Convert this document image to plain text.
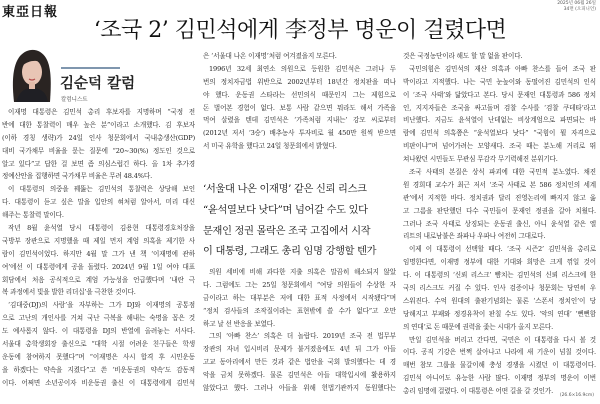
東亞日報
2025년 06월 26일
34면 (오피니언)
‘조국 2’ 김민석에게 李정부 명운이 걸렸다면
김순덕 칼럼
칼럼니스트
이재명 대통령은 김민석 총리 후보자를 지명하며 “국정 전
반에 대한 통찰력이 매우 높은 분”이라고 소개했다. 김 후보자
(이하 경칭 생략)가 24일 인사 청문회에서 국내총생산(GDP)
대비 국가채무 비율을 묻는 질문에 “20∼30(%) 정도인 것으로
알고 있다”고 답한 걸 보면 좀 의심스럽긴 하다. 올 1차 추가경
정예산안을 집행하면 국가채무 비율은 무려 48.4%다.
이 대통령의 의중을 꿰뚫는 김민석의 통찰력은 상당해 보인
다. 대통령이 듣고 싶은 말을 입안의 혀처럼 알아서, 미리 대신
해주는 통찰력 말이다.
작년 8월 윤석열 당시 대통령이 김용현 대통령경호처장을
국방부 장관으로 지명했을 때 제일 먼저 계엄 의혹을 제기한 사
람이 김민석이었다. 하지만 4월 말 그가 낸 책 ‘이재명에 관하
여’에선 이 대통령에게 공을 돌렸다. 2024년 9월 1일 여야 대표
회담에서 처음 공식적으로 계엄 가능성을 언급했다며 ‘내란 극
복 과정에서 빛을 발한 리더십’을 극찬한 것이다.
‘김대중(DJ)의 사람’을 자부하는 그가 DJ와 이재명의 공통점
으로 고난의 개인사를 거쳐 국난 극복을 해내는 숙명을 꼽은 것
도 예사롭지 않다. 이 대통령을 DJ의 반열에 올려놓는 서사다.
서울대 총학생회장 출신으로 “대학 시절 어려운 친구들은 학생
운동에 참여하지 못했다”며 “이재명은 사시 합격 후 시민운동
을 하겠다는 약속을 지켰다”고 쓴 ‘비운동권의 약속’도 감동적
이다. 어쩌면 소년공이자 비운동권 출신 이 대통령에게 김민석
은 ‘서울대 나온 이재명’처럼 여겨졌을지 모른다.
1996년 32세 최연소 의원으로 등원한 김민석은 그러나 두
번의 정치자금법 위반으로 2002년부터 18년간 정치판을 떠나
야 했다. 운동권 스타라는 선민의식 때문인지 그는 제힘으로
돈 벌어본 경험이 없다. 보통 사람 같으면 뭐라도 해서 가족을
먹여 살렸을 텐데 김민석은 ‘가족처럼 지내는’ 강모 씨로부터
(2012년 저서 ‘3승’) 배추농사 투자비로 월 450만 원씩 받으면
서 미국 유학을 했다고 24일 청문회에서 밝혔다.
‘서울대 나온 이재명’ 같은 신뢰 리스크
“윤석열보다 낫다”며 넘어갈 수도 있다
문재인 정권 몰락은 조국 고집에서 시작
이 대통령, 그래도 총리 임명 강행할 텐가
의원 세비에 비해 과다한 지출 의혹은 말끔히 해소되지 않았
다. 그럼에도 그는 25일 청문회에서 “여당 의원들이 수상한 자
금이라고 하는 대부분은 저에 대한 표적 사정에서 시작됐다”며
“정치 검사들의 조작질이라는 표현밖에 쓸 수가 없다”고 오만
하고 날 선 반응을 보였다.
그의 ‘아빠 찬스’ 의혹은 더 놀랍다. 2019년 조국 전 법무부
장관의 자녀 입시비리 문제가 불거졌음에도 4년 뒤 그가 아들
고교 동아리에서 만든 것과 같은 법안을 국회 발의했다는 데 경
악을 금치 못하겠다. 물론 김민석은 아들 대학입시에 활용하지
않았다고 했다. 그러나 아들을 위해 헌법기관까지 동원했다는
것은 국정농단이라 해도 할 말 없을 판이다.
국민의힘은 김민석의 재산 의혹과 아빠 찬스를 들어 조국 판
박이라고 지적했다. 나는 국민 눈높이와 동떨어진 김민석의 인식
이 ‘조국 사태’와 닮았다고 본다. 당시 문재인 대통령과 586 정치
인, 지지자들은 조국을 싸고돌며 검찰 수사를 ‘검찰 쿠데타’라고
비난했다. 지금도 윤석열이 난데없는 비상계엄으로 파면되는 바
람에 김민석 의혹쯤은 “윤석열보다 낫다” “국힘이 뭘 자격으로
비판이냐”며 넘어가려는 모양새다. 조국 때는 분노해 거리로 뛰
쳐나왔던 시민들도 무관심 무감각 무기력해진 분위기다.
조국 사태의 본질은 상식 파괴에 대한 국민적 분노였다. 채진
원 경희대 교수가 최근 저서 ‘조국 사태로 본 586 정치인의 세계
관’에서 지적한 바다. 정치권과 달리 진영논리에 빠지지 않고 옳
고 그름을 판단했던 다수 국민들이 문재인 정권을 갈아 치웠다.
그러나 조국 사태로 상징되는 운동권 출신, 아니 윤석열 같은 엘
리트의 내로남불은 좌파나 우파나 여전히 그대로다.
이제 이 대통령이 선택할 때다. ‘조국 시즌2’ 김민석을 총리로
임명한다면, 이재명 정부에 대한 기대와 희망은 크게 꺾일 것이
다. 이 대통령의 ‘신뢰 리스크’ 뺨치는 김민석의 신뢰 리스크에 한
국의 리스크도 커질 수 있다. 인사 검증이나 청문회는 당연히 우
스워진다. 수억 원대의 출판기념회는 물론 ‘스폰서 정치인’이 당
당해지고 부패와 정경유착이 판칠 수도 있다. ‘악의 연대’ ‘뻔뻔함
의 연대’로 돈 때문에 권력을 좇는 시대가 올지 모른다.
만일 김민석을 버리고 간다면, 국민은 이 대통령을 다시 볼 것
이다. 공직 기강은 번쩍 살아나고 나라에 새 기운이 넘칠 것이다.
매번 참모 그룹을 물갈이해 충성 경쟁을 시켰던 이 대통령이다.
김민석 아니어도 유능한 사람 많다. 이재명 정부의 명운이 이번
총리 임명에 걸렸다. 이 대통령은 어떤 길을 갈 것인가.
(26.6×16.9cm)
